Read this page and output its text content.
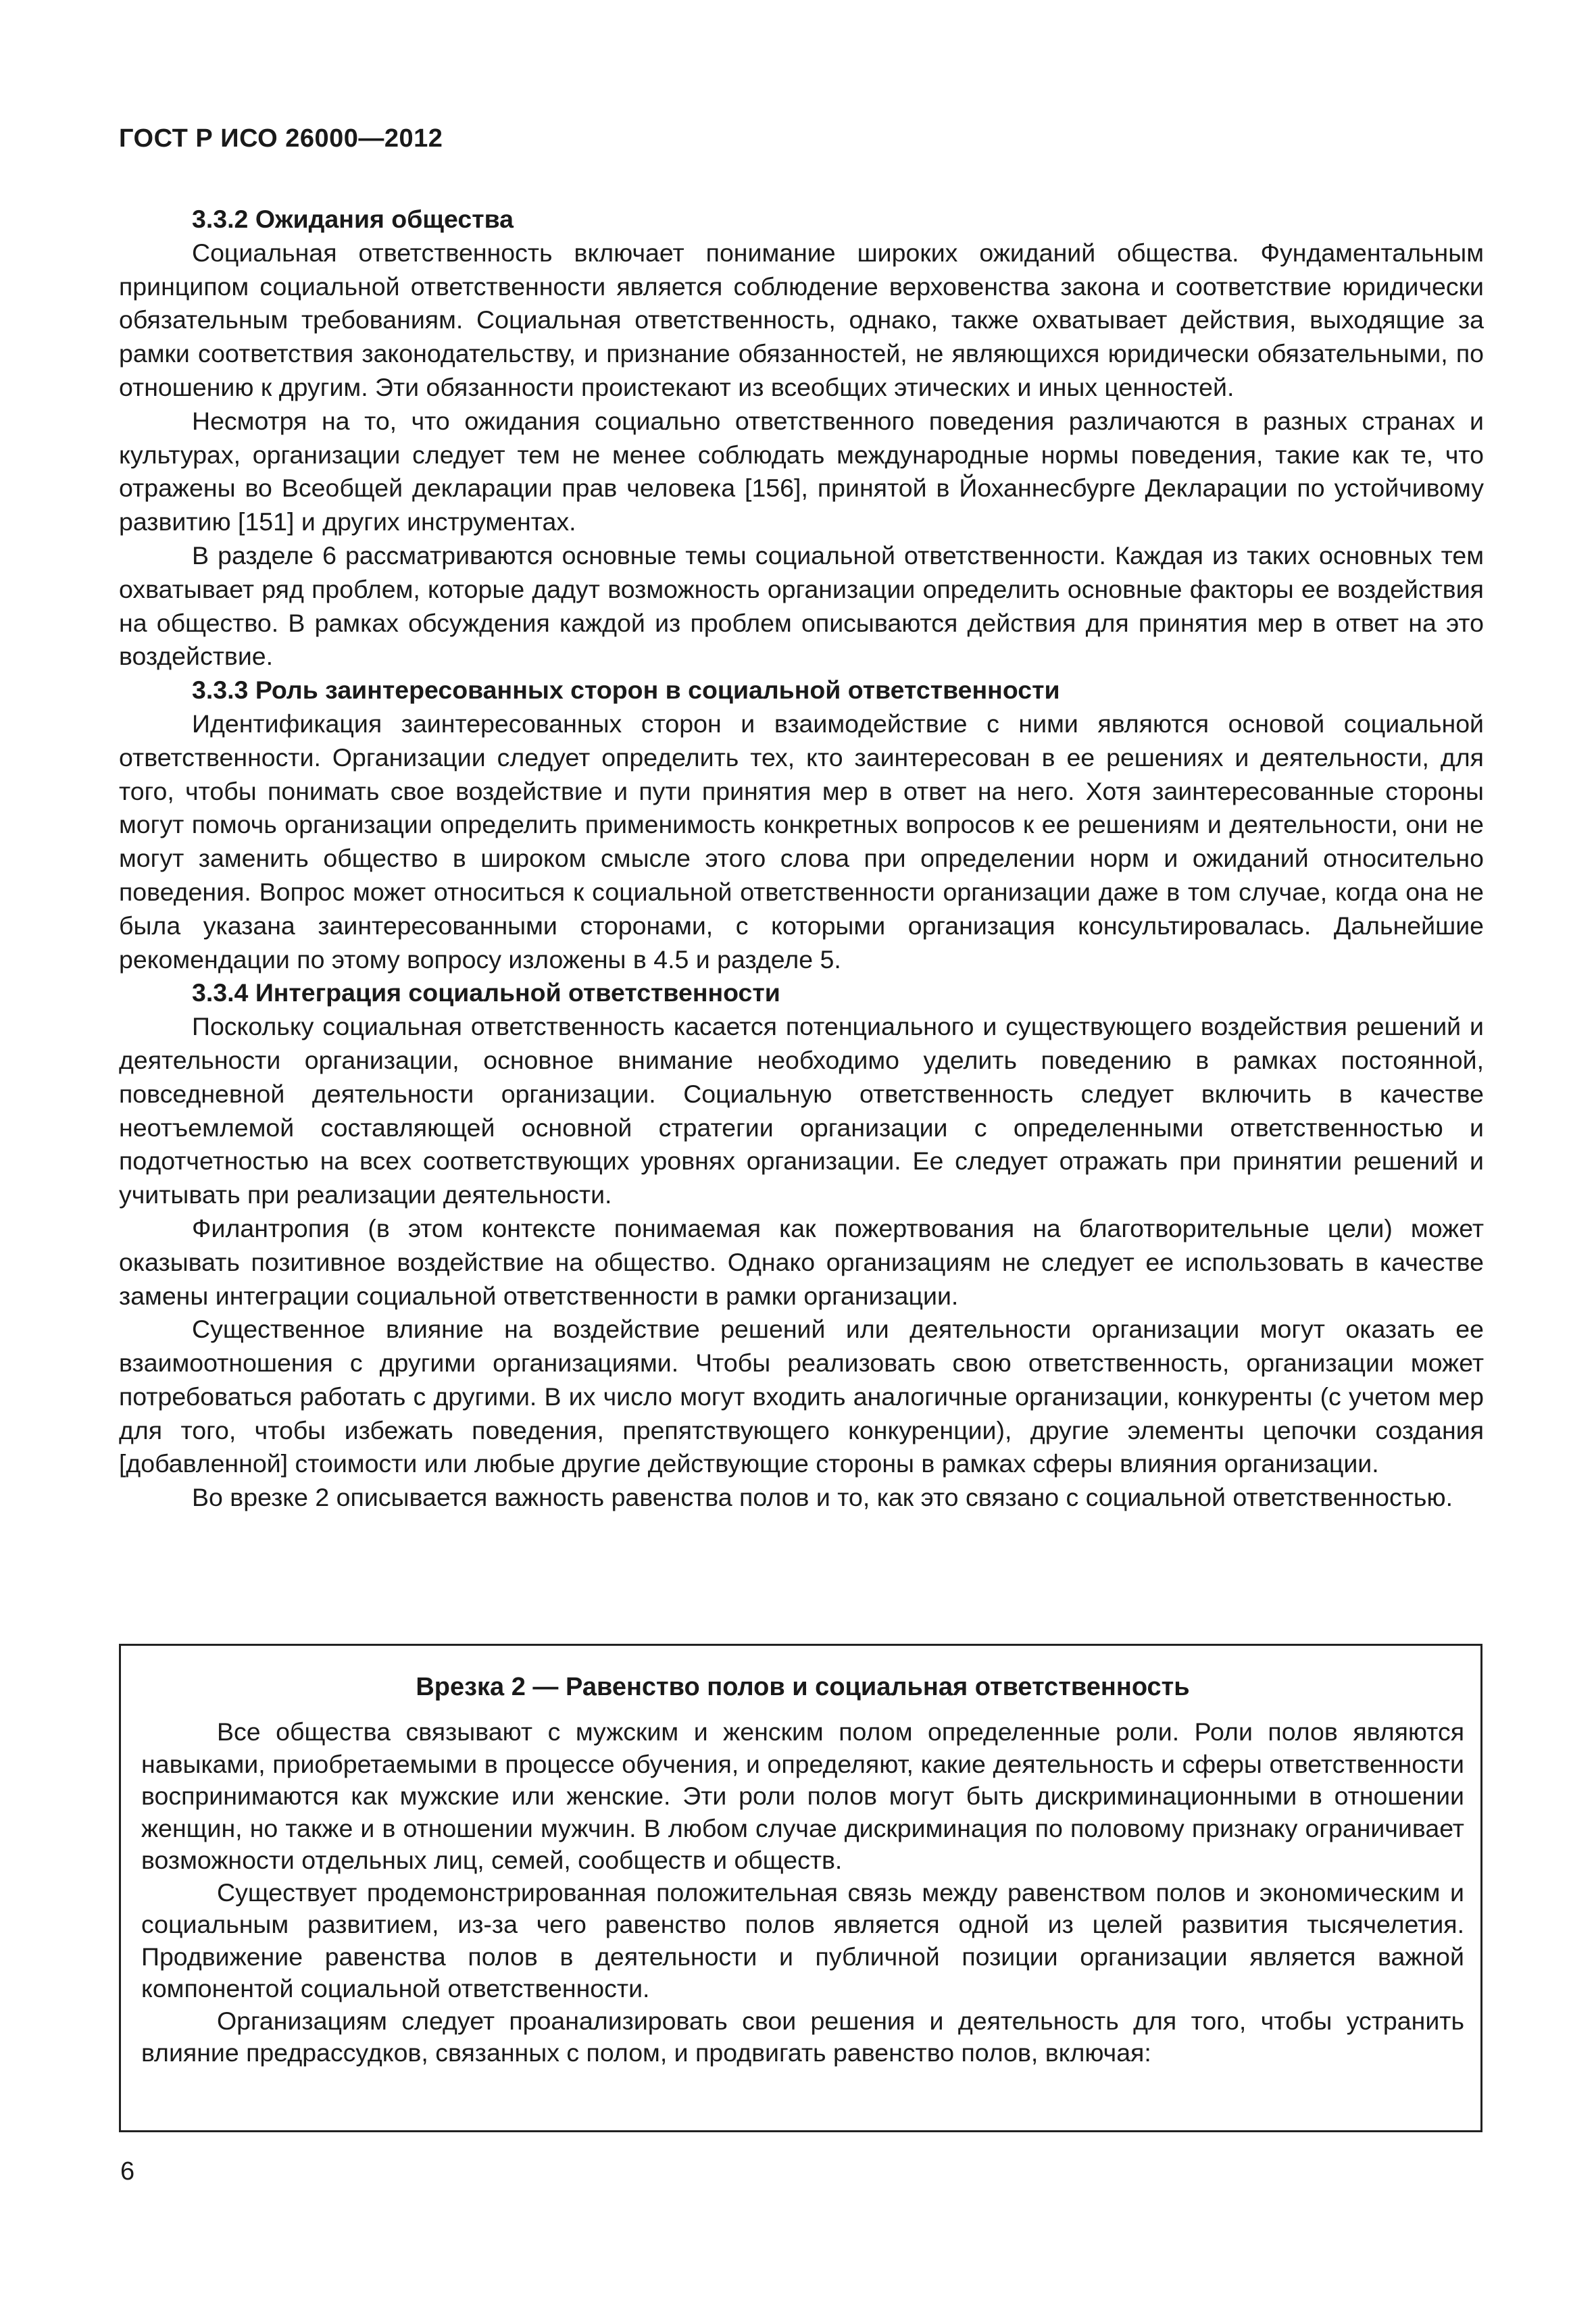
ГОСТ Р ИСО 26000—2012
3.3.2 Ожидания общества

Социальная ответственность включает понимание широких ожиданий общества. Фундаментальным принципом социальной ответственности является соблюдение верховенства закона и соответствие юридически обязательным требованиям. Социальная ответственность, однако, также охватывает действия, выходящие за рамки соответствия законодательству, и признание обязанностей, не являющихся юридически обязательными, по отношению к другим. Эти обязанности проистекают из всеобщих этических и иных ценностей.

Несмотря на то, что ожидания социально ответственного поведения различаются в разных странах и культурах, организации следует тем не менее соблюдать международные нормы поведения, такие как те, что отражены во Всеобщей декларации прав человека [156], принятой в Йоханнесбурге Декларации по устойчивому развитию [151] и других инструментах.

В разделе 6 рассматриваются основные темы социальной ответственности. Каждая из таких основных тем охватывает ряд проблем, которые дадут возможность организации определить основные факторы ее воздействия на общество. В рамках обсуждения каждой из проблем описываются действия для принятия мер в ответ на это воздействие.

3.3.3 Роль заинтересованных сторон в социальной ответственности

Идентификация заинтересованных сторон и взаимодействие с ними являются основой социальной ответственности. Организации следует определить тех, кто заинтересован в ее решениях и деятельности, для того, чтобы понимать свое воздействие и пути принятия мер в ответ на него. Хотя заинтересованные стороны могут помочь организации определить применимость конкретных вопросов к ее решениям и деятельности, они не могут заменить общество в широком смысле этого слова при определении норм и ожиданий относительно поведения. Вопрос может относиться к социальной ответственности организации даже в том случае, когда она не была указана заинтересованными сторонами, с которыми организация консультировалась. Дальнейшие рекомендации по этому вопросу изложены в 4.5 и разделе 5.

3.3.4 Интеграция социальной ответственности

Поскольку социальная ответственность касается потенциального и существующего воздействия решений и деятельности организации, основное внимание необходимо уделить поведению в рамках постоянной, повседневной деятельности организации. Социальную ответственность следует включить в качестве неотъемлемой составляющей основной стратегии организации с определенными ответственностью и подотчетностью на всех соответствующих уровнях организации. Ее следует отражать при принятии решений и учитывать при реализации деятельности.

Филантропия (в этом контексте понимаемая как пожертвования на благотворительные цели) может оказывать позитивное воздействие на общество. Однако организациям не следует ее использовать в качестве замены интеграции социальной ответственности в рамки организации.

Существенное влияние на воздействие решений или деятельности организации могут оказать ее взаимоотношения с другими организациями. Чтобы реализовать свою ответственность, организации может потребоваться работать с другими. В их число могут входить аналогичные организации, конкуренты (с учетом мер для того, чтобы избежать поведения, препятствующего конкуренции), другие элементы цепочки создания [добавленной] стоимости или любые другие действующие стороны в рамках сферы влияния организации.

Во врезке 2 описывается важность равенства полов и то, как это связано с социальной ответственностью.

Врезка 2 — Равенство полов и социальная ответственность

Все общества связывают с мужским и женским полом определенные роли. Роли полов являются навыками, приобретаемыми в процессе обучения, и определяют, какие деятельность и сферы ответственности воспринимаются как мужские или женские. Эти роли полов могут быть дискриминационными в отношении женщин, но также и в отношении мужчин. В любом случае дискриминация по половому признаку ограничивает возможности отдельных лиц, семей, сообществ и обществ.

Существует продемонстрированная положительная связь между равенством полов и экономическим и социальным развитием, из-за чего равенство полов является одной из целей развития тысячелетия. Продвижение равенства полов в деятельности и публичной позиции организации является важной компонентой социальной ответственности.

Организациям следует проанализировать свои решения и деятельность для того, чтобы устранить влияние предрассудков, связанных с полом, и продвигать равенство полов, включая:

6
